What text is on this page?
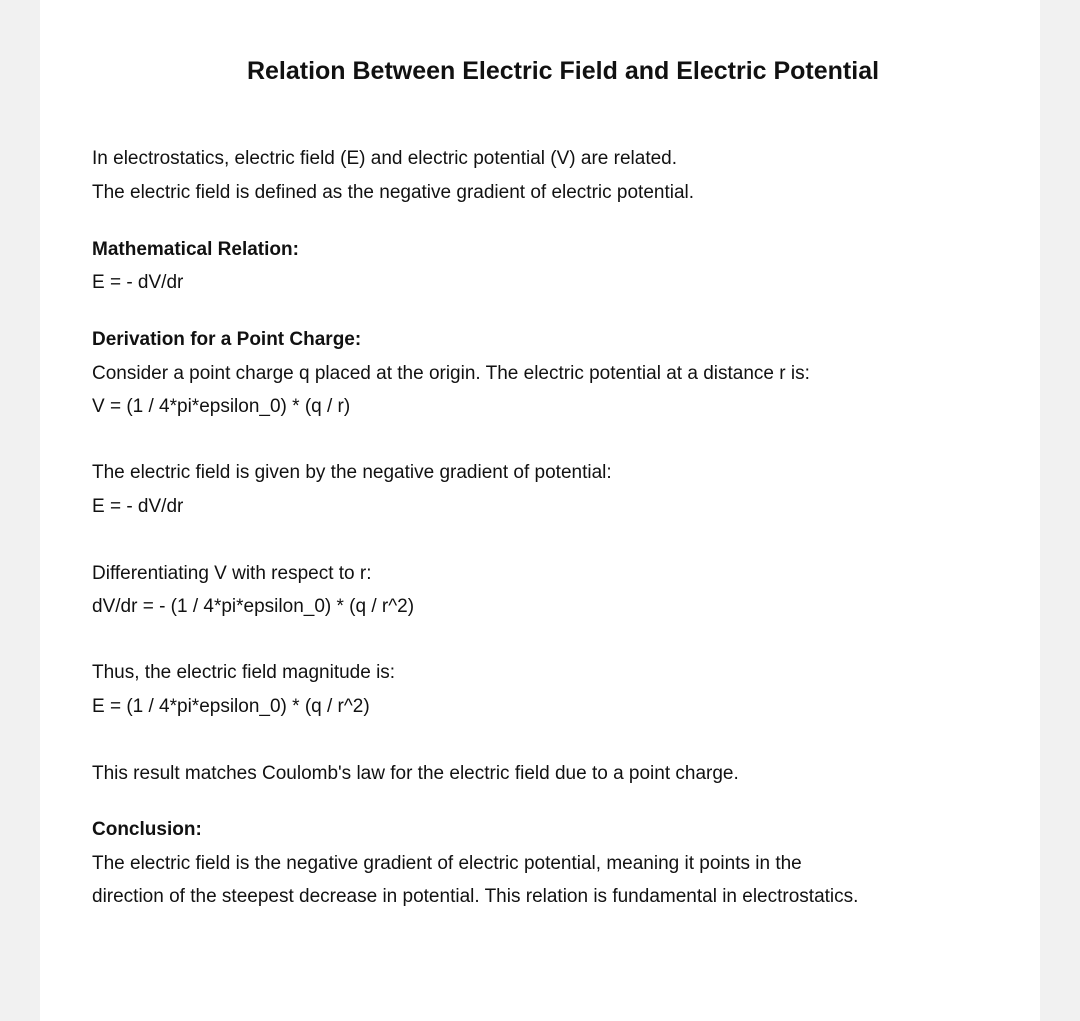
Relation Between Electric Field and Electric Potential

In electrostatics, electric field (E) and electric potential (V) are related.

The electric field is defined as the negative gradient of electric potential.

Mathematical Relation:

E = - dV/dr

Derivation for a Point Charge:

Consider a point charge q placed at the origin. The electric potential at a distance r is:

V = (1 / 4*pi*epsilon_0) * (q / r)

The electric field is given by the negative gradient of potential:

E = - dV/dr

Differentiating V with respect to r:

dV/dr = - (1 / 4*pi*epsilon_0) * (q / r^2)

Thus, the electric field magnitude is:

E = (1 / 4*pi*epsilon_0) * (q / r^2)

This result matches Coulomb's law for the electric field due to a point charge.

Conclusion:

The electric field is the negative gradient of electric potential, meaning it points in the

direction of the steepest decrease in potential. This relation is fundamental in electrostatics.
